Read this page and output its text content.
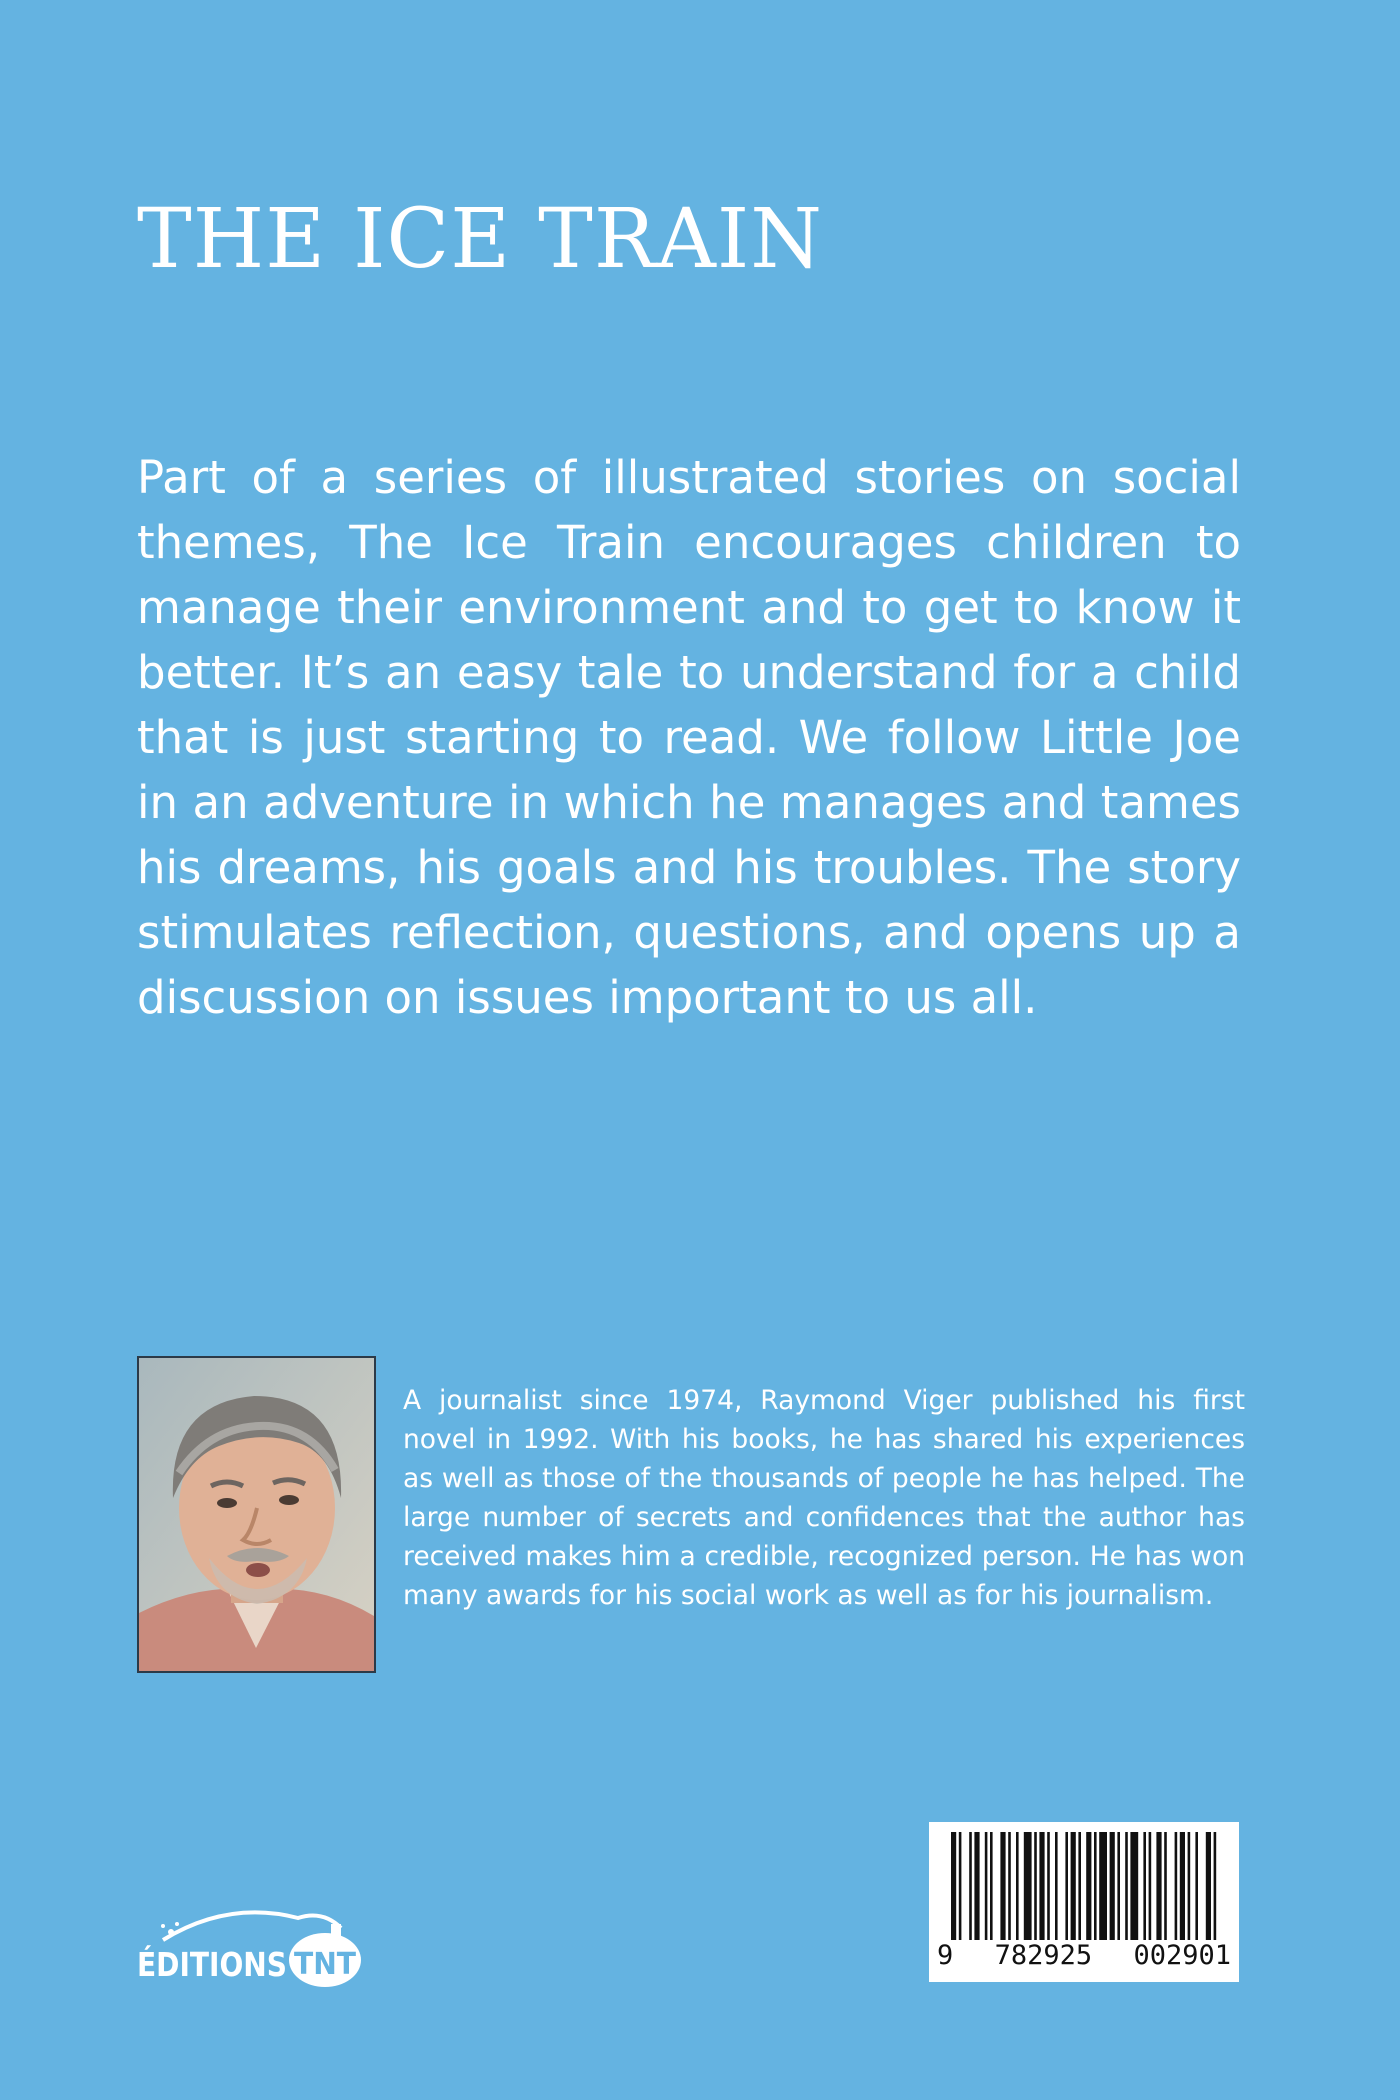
THE ICE TRAIN
Part of a series of illustrated stories on social themes, The Ice Train encourages children to manage their environment and to get to know it better. It’s an easy tale to understand for a child that is just starting to read. We follow Little Joe in an adventure in which he manages and tames his dreams, his goals and his troubles. The story stimulates reflection, questions, and opens up a discussion on issues important to us all.
A journalist since 1974, Raymond Viger published his first novel in 1992. With his books, he has shared his experiences as well as those of the thousands of people he has helped. The large number of secrets and confidences that the author has received makes him a credible, recognized person. He has won many awards for his social work as well as for his journalism.
ÉDITIONS
TNT	9 782925 002901
